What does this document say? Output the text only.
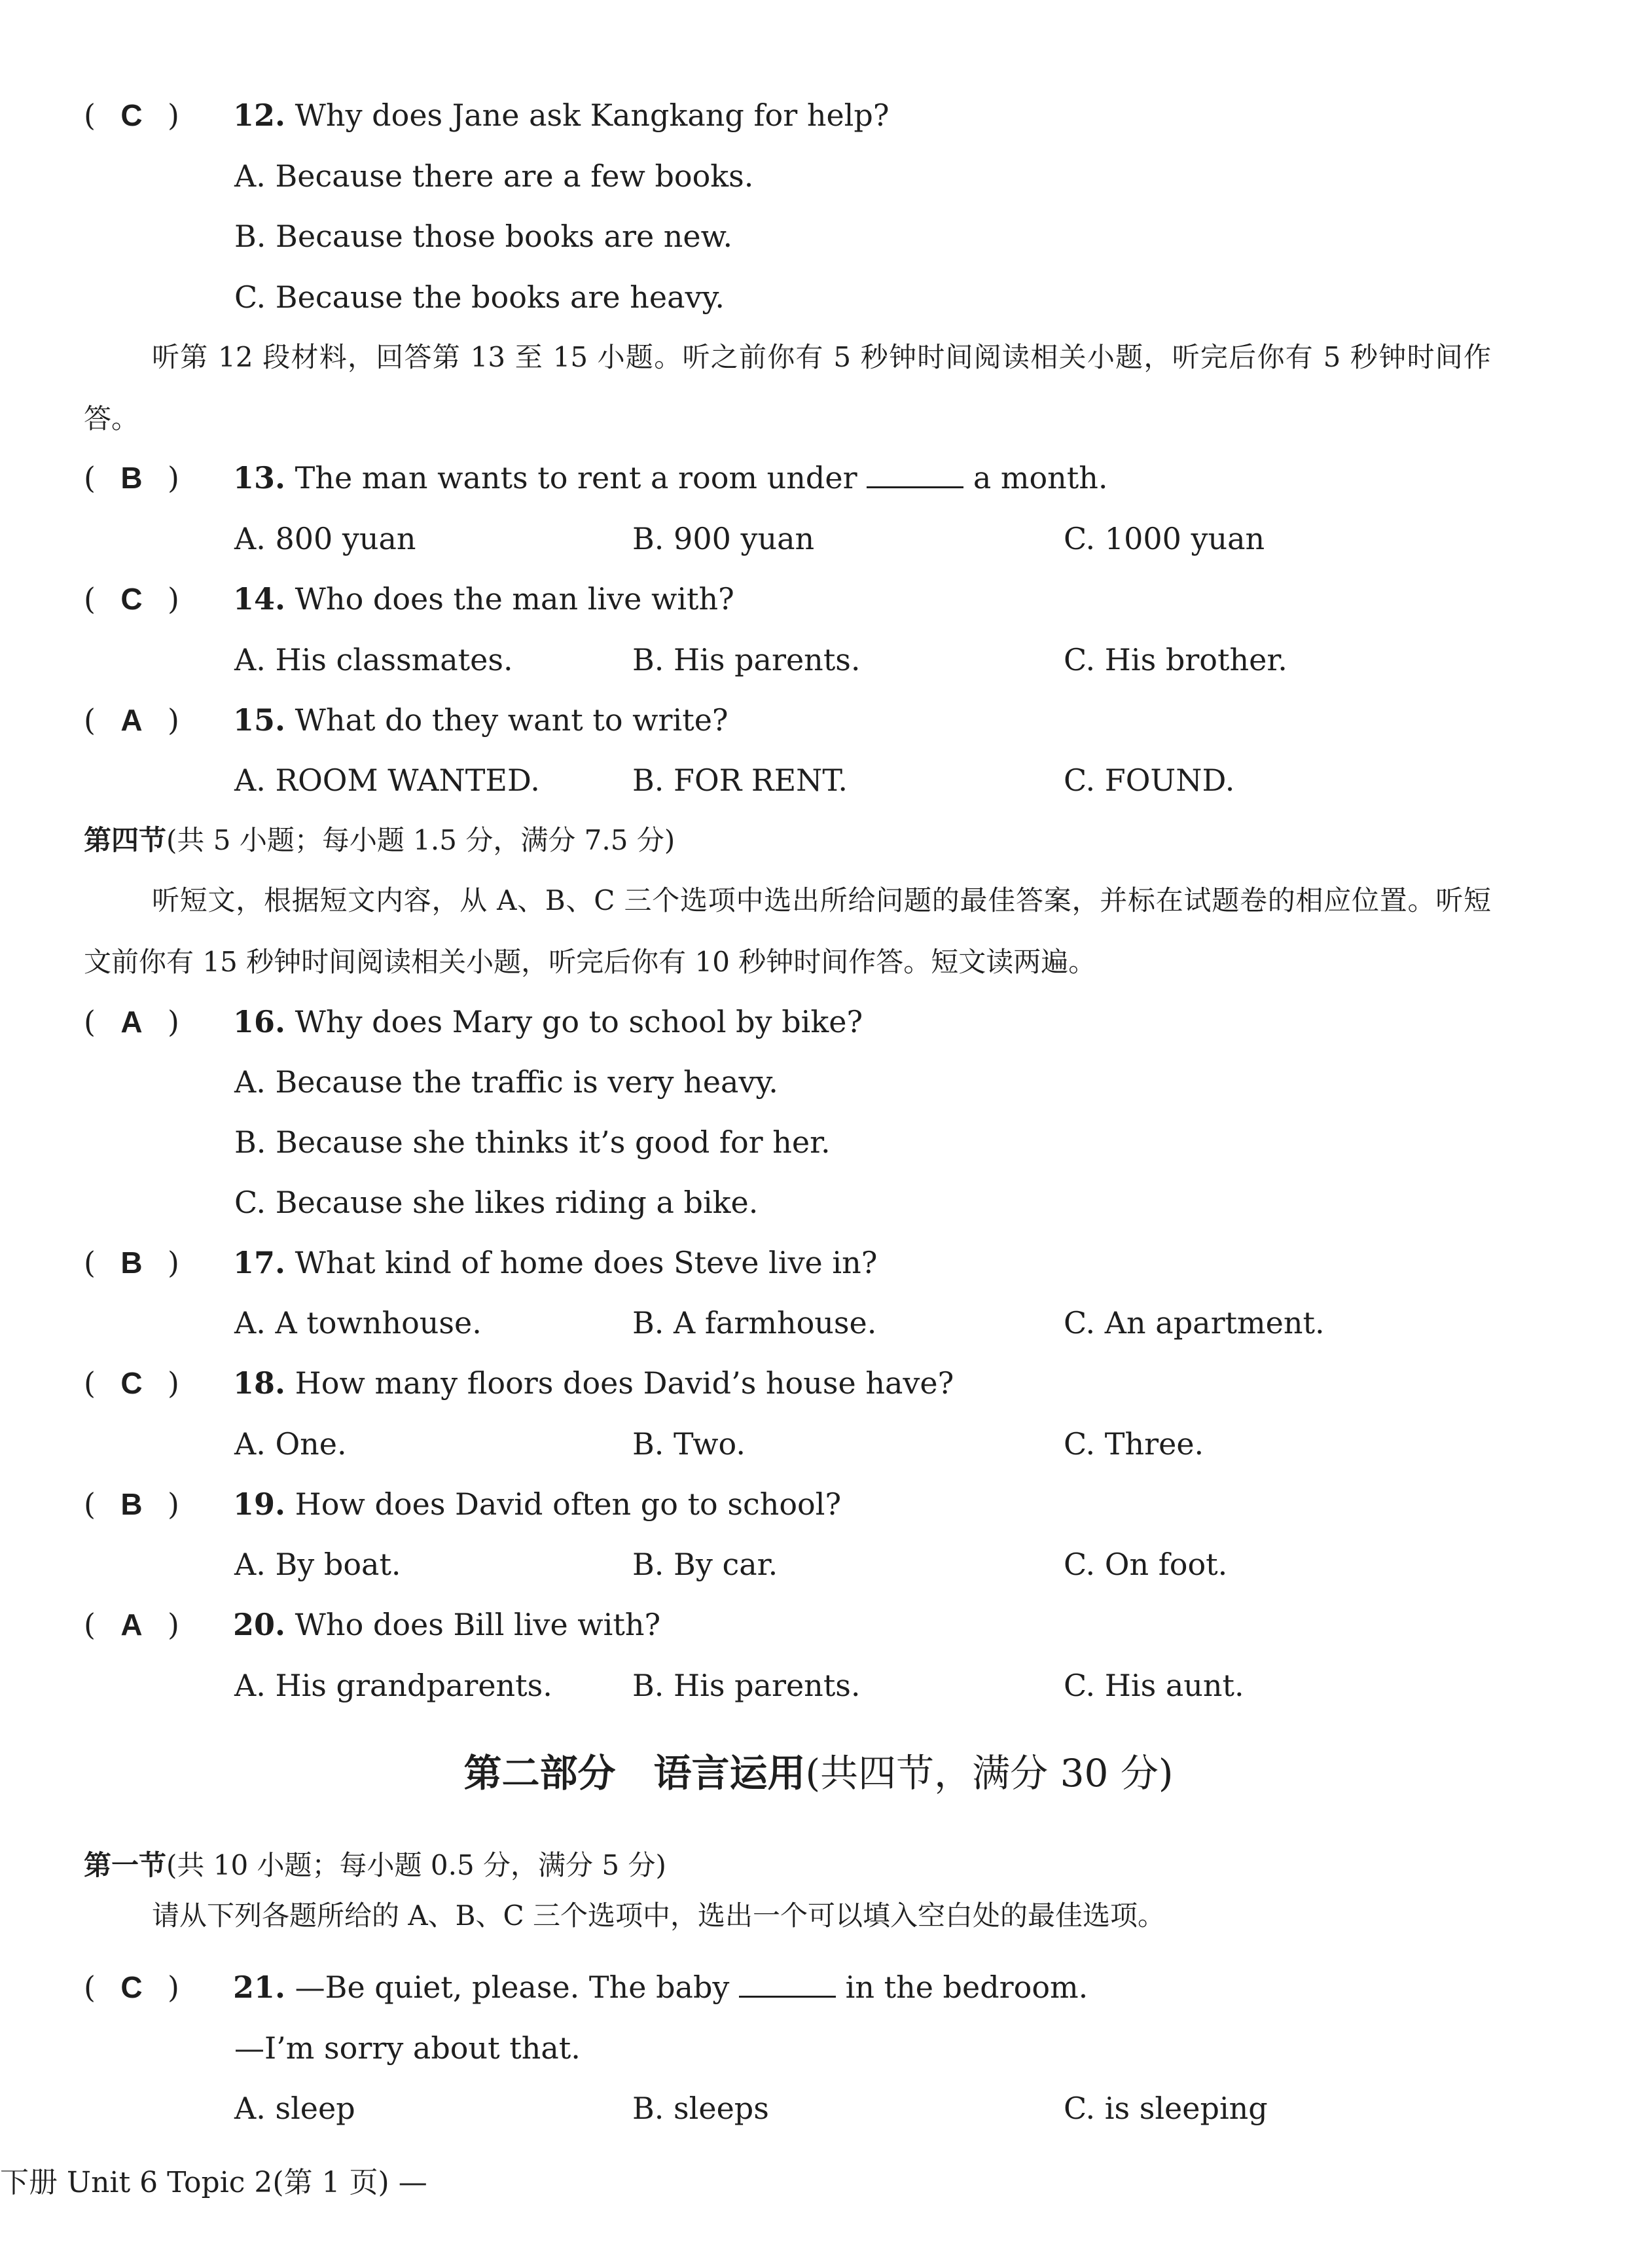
( C ) 12. Why does Jane ask Kangkang for help?
A. Because there are a few books.
B. Because those books are new.
C. Because the books are heavy.
听第 12 段材料，回答第 13 至 15 小题。听之前你有 5 秒钟时间阅读相关小题，听完后你有 5 秒钟时间作答。
( B ) 13. The man wants to rent a room under	a month.
A. 800 yuan	B. 900 yuan	C. 1000 yuan
( C ) 14. Who does the man live with?
A. His classmates.	B. His parents.	C. His brother.
( A ) 15. What do they want to write?
A. ROOM WANTED.	B. FOR RENT.	C. FOUND.
第四节(共 5 小题；每小题 1.5 分，满分 7.5 分)
听短文，根据短文内容，从 A、B、C 三个选项中选出所给问题的最佳答案，并标在试题卷的相应位置。听短文前你有 15 秒钟时间阅读相关小题，听完后你有 10 秒钟时间作答。短文读两遍。
( A ) 16. Why does Mary go to school by bike?
A. Because the traffic is very heavy.
B. Because she thinks it’s good for her.
C. Because she likes riding a bike.
( B ) 17. What kind of home does Steve live in?
A. A townhouse.	B. A farmhouse.	C. An apartment.
( C ) 18. How many floors does David’s house have?
A. One.	B. Two.	C. Three.
( B ) 19. How does David often go to school?
A. By boat.	B. By car.	C. On foot.
( A ) 20. Who does Bill live with?
A. His grandparents.	B. His parents.	C. His aunt.
第二部分　语言运用(共四节，满分 30 分)
第一节(共 10 小题；每小题 0.5 分，满分 5 分)
请从下列各题所给的 A、B、C 三个选项中，选出一个可以填入空白处的最佳选项。
( C ) 21. —Be quiet, please. The baby	in the bedroom.
—I’m sorry about that.
A. sleep	B. sleeps	C. is sleeping
下册 Unit 6 Topic 2(第 1 页) —
